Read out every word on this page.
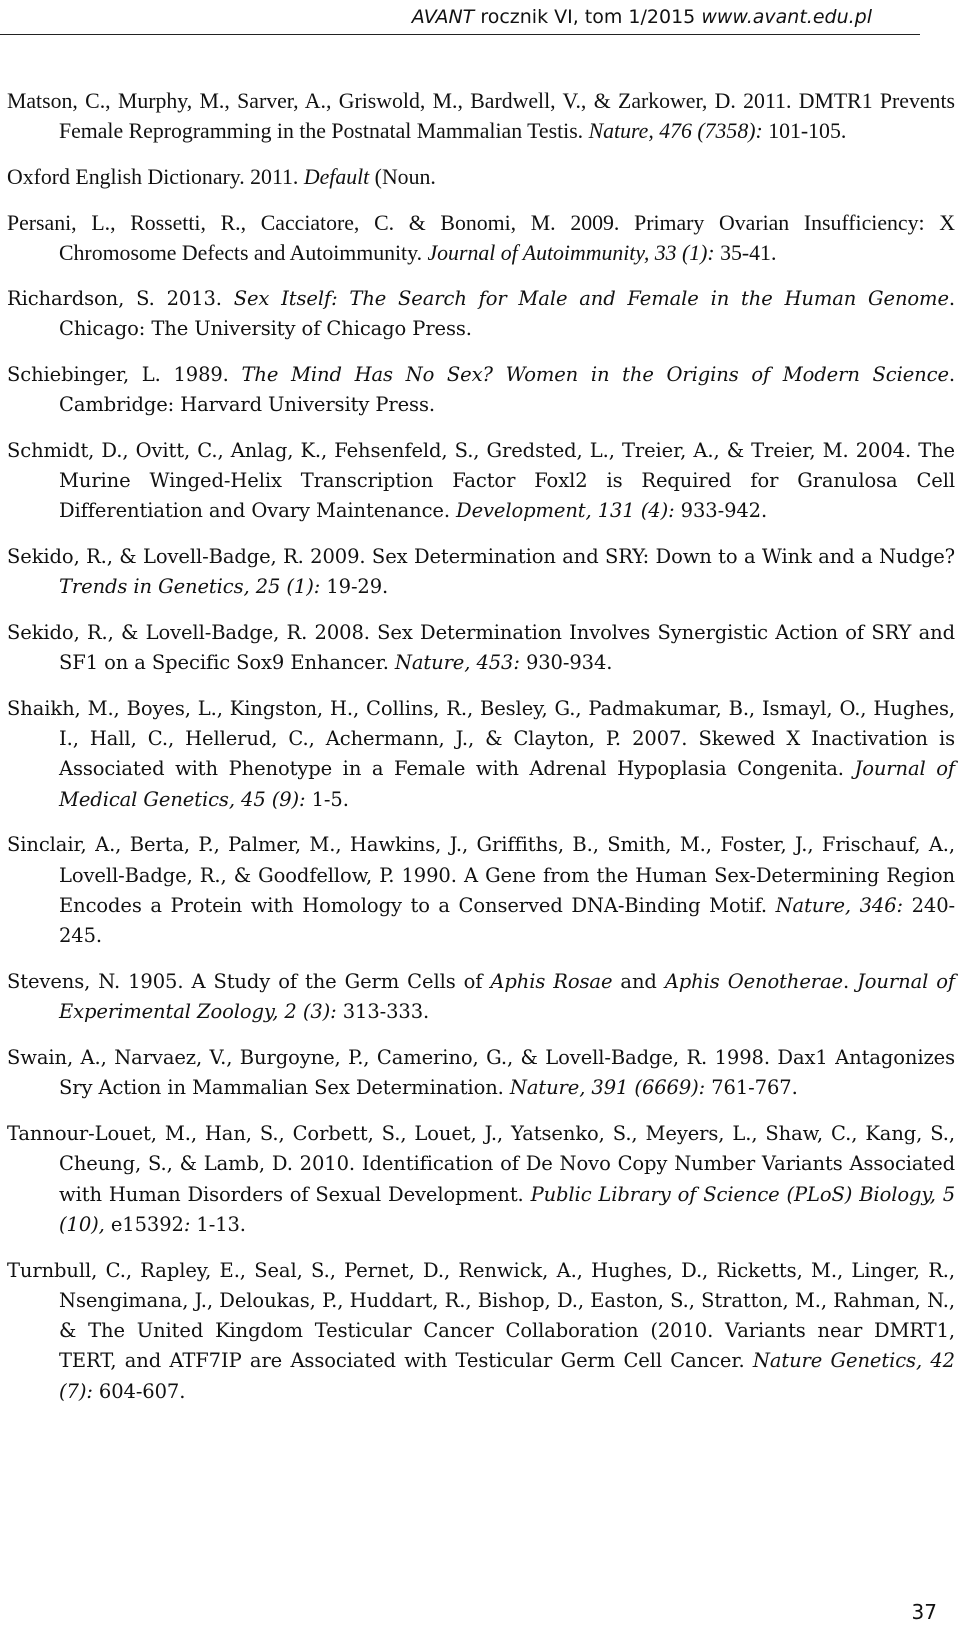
AVANT rocznik VI, tom 1/2015 www.avant.edu.pl

Matson, C., Murphy, M., Sarver, A., Griswold, M., Bardwell, V., & Zarkower, D. 2011. DMTR1 Prevents Female Reprogramming in the Postnatal Mammalian Testis. Nature, 476 (7358): 101-105.

Oxford English Dictionary. 2011. Default (Noun.

Persani, L., Rossetti, R., Cacciatore, C. & Bonomi, M. 2009. Primary Ovarian Insufficiency: X Chromosome Defects and Autoimmunity. Journal of Autoimmunity, 33 (1): 35-41.

Richardson, S. 2013. Sex Itself: The Search for Male and Female in the Human Genome. Chicago: The University of Chicago Press.

Schiebinger, L. 1989. The Mind Has No Sex? Women in the Origins of Modern Science. Cambridge: Harvard University Press.

Schmidt, D., Ovitt, C., Anlag, K., Fehsenfeld, S., Gredsted, L., Treier, A., & Treier, M. 2004. The Murine Winged-Helix Transcription Factor Foxl2 is Required for Granulosa Cell Differentiation and Ovary Maintenance. Development, 131 (4): 933-942.

Sekido, R., & Lovell-Badge, R. 2009. Sex Determination and SRY: Down to a Wink and a Nudge? Trends in Genetics, 25 (1): 19-29.

Sekido, R., & Lovell-Badge, R. 2008. Sex Determination Involves Synergistic Action of SRY and SF1 on a Specific Sox9 Enhancer. Nature, 453: 930-934.

Shaikh, M., Boyes, L., Kingston, H., Collins, R., Besley, G., Padmakumar, B., Ismayl, O., Hughes, I., Hall, C., Hellerud, C., Achermann, J., & Clayton, P. 2007. Skewed X Inactivation is Associated with Phenotype in a Female with Adrenal Hypoplasia Congenita. Journal of Medical Genetics, 45 (9): 1-5.

Sinclair, A., Berta, P., Palmer, M., Hawkins, J., Griffiths, B., Smith, M., Foster, J., Frischauf, A., Lovell-Badge, R., & Goodfellow, P. 1990. A Gene from the Human Sex-Determining Region Encodes a Protein with Homology to a Conserved DNA-Binding Motif. Nature, 346: 240-245.

Stevens, N. 1905. A Study of the Germ Cells of Aphis Rosae and Aphis Oenotherae. Journal of Experimental Zoology, 2 (3): 313-333.

Swain, A., Narvaez, V., Burgoyne, P., Camerino, G., & Lovell-Badge, R. 1998. Dax1 Antagonizes Sry Action in Mammalian Sex Determination. Nature, 391 (6669): 761-767.

Tannour-Louet, M., Han, S., Corbett, S., Louet, J., Yatsenko, S., Meyers, L., Shaw, C., Kang, S., Cheung, S., & Lamb, D. 2010. Identification of De Novo Copy Number Variants Associated with Human Disorders of Sexual Development. Public Library of Science (PLoS) Biology, 5 (10), e15392: 1-13.

Turnbull, C., Rapley, E., Seal, S., Pernet, D., Renwick, A., Hughes, D., Ricketts, M., Linger, R., Nsengimana, J., Deloukas, P., Huddart, R., Bishop, D., Easton, S., Stratton, M., Rahman, N., & The United Kingdom Testicular Cancer Collaboration (2010. Variants near DMRT1, TERT, and ATF7IP are Associated with Testicular Germ Cell Cancer. Nature Genetics, 42 (7): 604-607.

37
